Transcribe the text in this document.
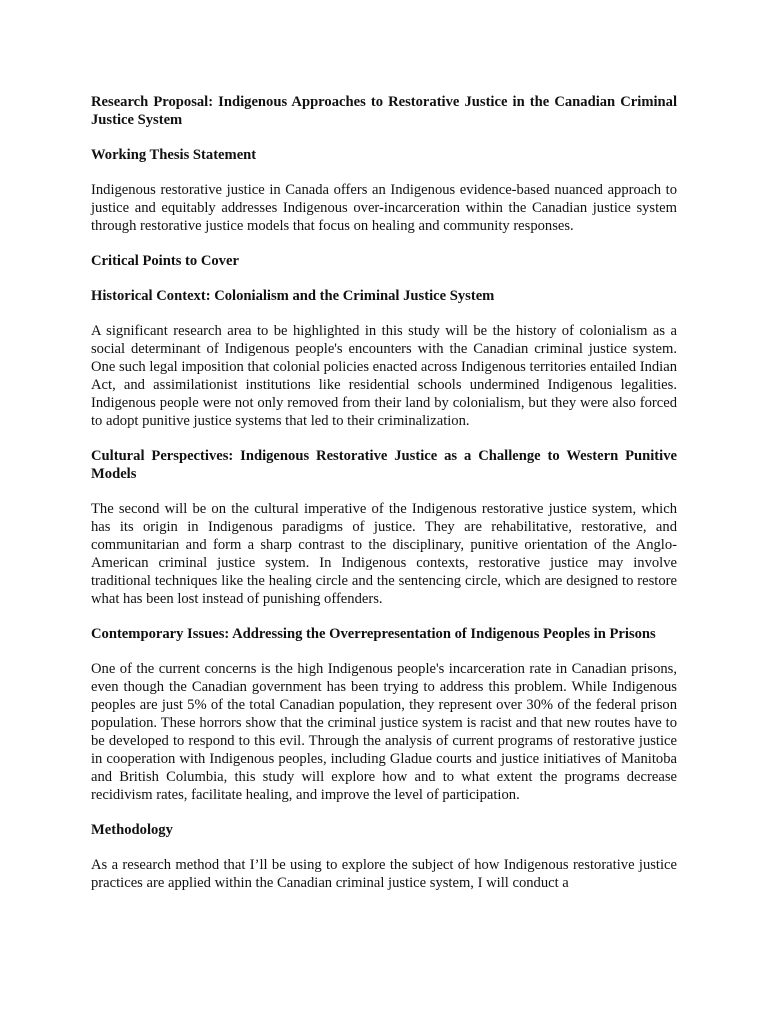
Research Proposal: Indigenous Approaches to Restorative Justice in the Canadian Criminal Justice System

Working Thesis Statement

Indigenous restorative justice in Canada offers an Indigenous evidence-based nuanced approach to justice and equitably addresses Indigenous over-incarceration within the Canadian justice system through restorative justice models that focus on healing and community responses.

Critical Points to Cover

Historical Context: Colonialism and the Criminal Justice System

A significant research area to be highlighted in this study will be the history of colonialism as a social determinant of Indigenous people's encounters with the Canadian criminal justice system. One such legal imposition that colonial policies enacted across Indigenous territories entailed Indian Act, and assimilationist institutions like residential schools undermined Indigenous legalities. Indigenous people were not only removed from their land by colonialism, but they were also forced to adopt punitive justice systems that led to their criminalization.

Cultural Perspectives: Indigenous Restorative Justice as a Challenge to Western Punitive Models

The second will be on the cultural imperative of the Indigenous restorative justice system, which has its origin in Indigenous paradigms of justice. They are rehabilitative, restorative, and communitarian and form a sharp contrast to the disciplinary, punitive orientation of the Anglo-American criminal justice system. In Indigenous contexts, restorative justice may involve traditional techniques like the healing circle and the sentencing circle, which are designed to restore what has been lost instead of punishing offenders.

Contemporary Issues: Addressing the Overrepresentation of Indigenous Peoples in Prisons

One of the current concerns is the high Indigenous people's incarceration rate in Canadian prisons, even though the Canadian government has been trying to address this problem. While Indigenous peoples are just 5% of the total Canadian population, they represent over 30% of the federal prison population. These horrors show that the criminal justice system is racist and that new routes have to be developed to respond to this evil. Through the analysis of current programs of restorative justice in cooperation with Indigenous peoples, including Gladue courts and justice initiatives of Manitoba and British Columbia, this study will explore how and to what extent the programs decrease recidivism rates, facilitate healing, and improve the level of participation.

Methodology

As a research method that I’ll be using to explore the subject of how Indigenous restorative justice practices are applied within the Canadian criminal justice system, I will conduct a
